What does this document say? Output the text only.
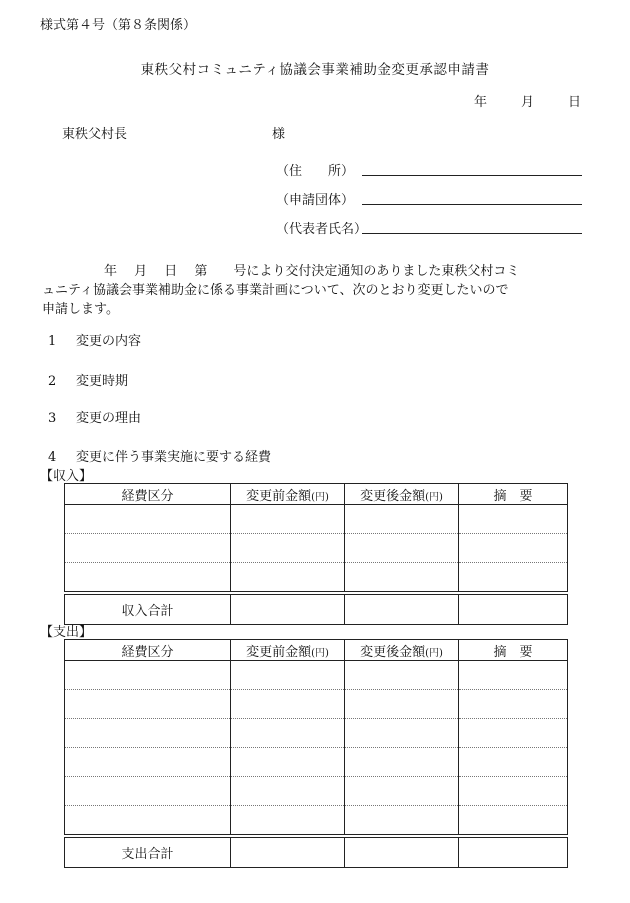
様式第４号（第８条関係）
東秩父村コミュニティ協議会事業補助金変更承認申請書
年	月	日
東秩父村長	様
（住　　所）
（申請団体）
（代表者氏名）
年　 月　 日　 第　　号により交付決定通知のありました東秩父村コミ
ュニティ協議会事業補助金に係る事業計画について、次のとおり変更したいので
申請します。
1 変更の内容
2 変更時期
3 変更の理由
4 変更に伴う事業実施に要する経費
【収入】
経費区分	変更前金額(円)	変更後金額(円)	摘　要

収入合計			
【支出】
経費区分	変更前金額(円)	変更後金額(円)	摘　要

支出合計			
